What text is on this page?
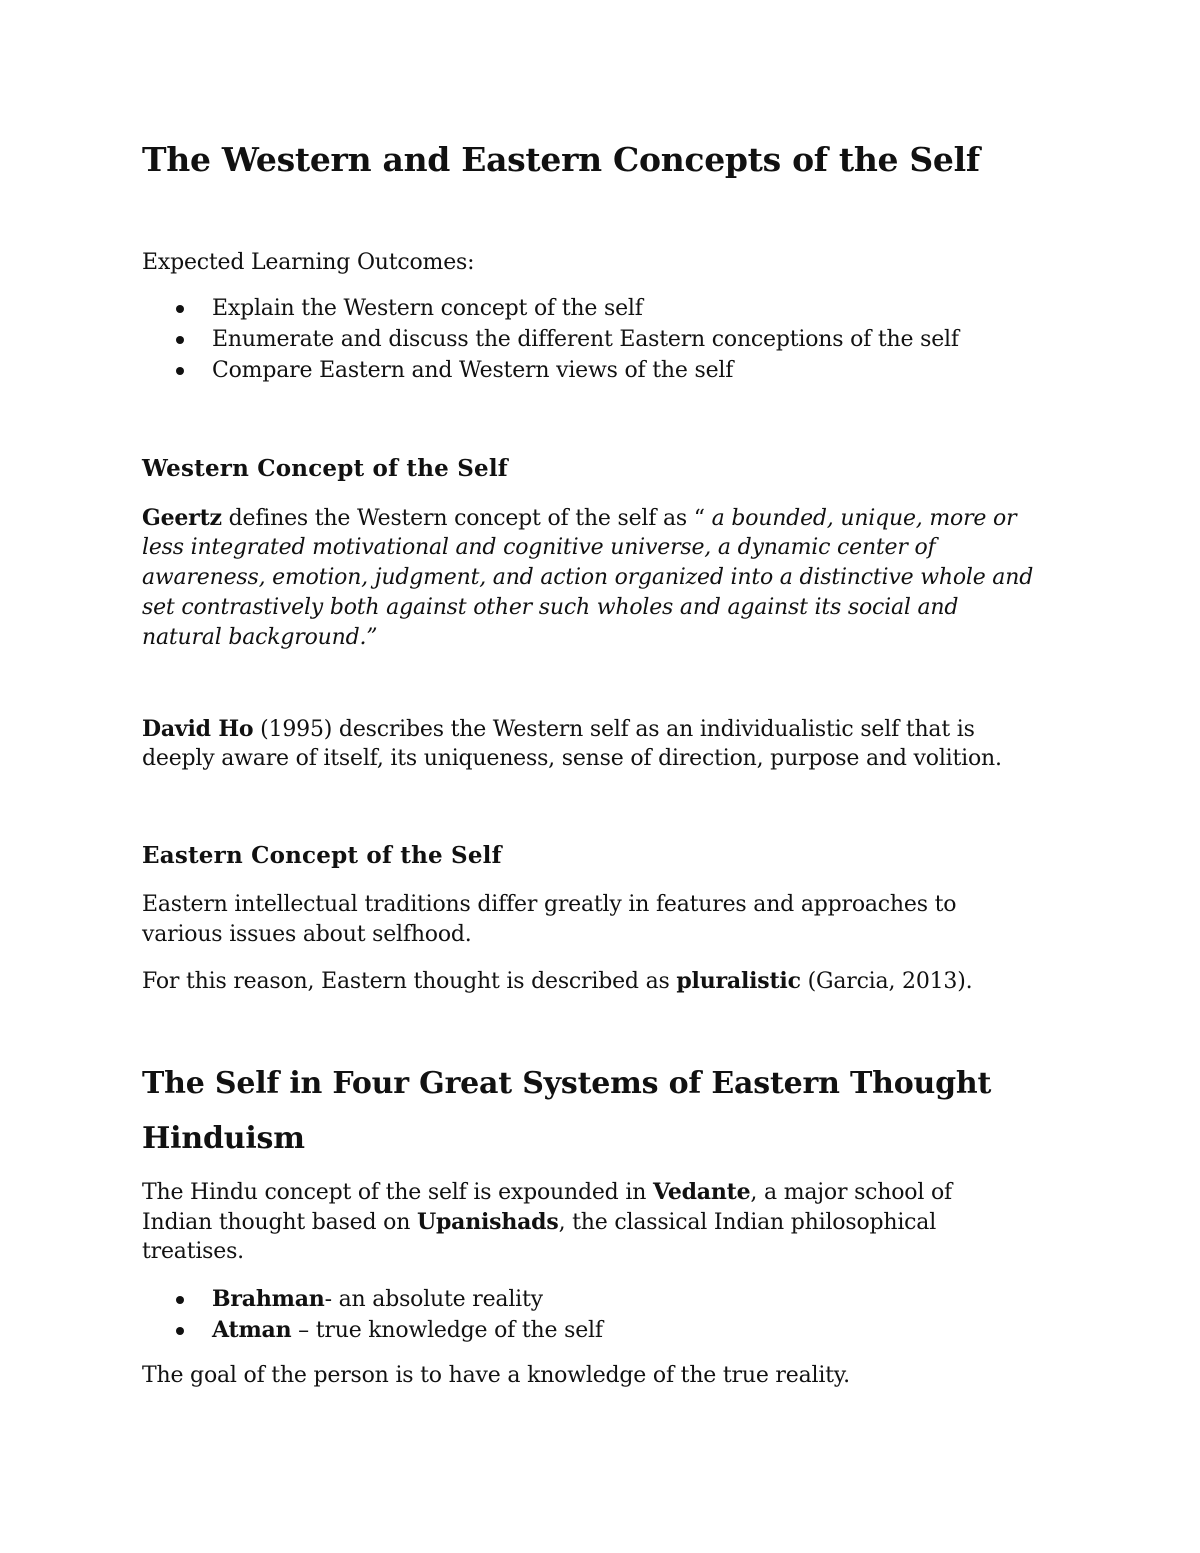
The Western and Eastern Concepts of the Self
Expected Learning Outcomes:
Explain the Western concept of the self
Enumerate and discuss the different Eastern conceptions of the self
Compare Eastern and Western views of the self
Western Concept of the Self
Geertz defines the Western concept of the self as “ a bounded, unique, more or
less integrated motivational and cognitive universe, a dynamic center of
awareness, emotion, judgment, and action organized into a distinctive whole and
set contrastively both against other such wholes and against its social and
natural background.”
David Ho (1995) describes the Western self as an individualistic self that is
deeply aware of itself, its uniqueness, sense of direction, purpose and volition.
Eastern Concept of the Self
Eastern intellectual traditions differ greatly in features and approaches to
various issues about selfhood.
For this reason, Eastern thought is described as pluralistic (Garcia, 2013).
The Self in Four Great Systems of Eastern Thought
Hinduism
The Hindu concept of the self is expounded in Vedante, a major school of
Indian thought based on Upanishads, the classical Indian philosophical
treatises.
Brahman- an absolute reality
Atman – true knowledge of the self
The goal of the person is to have a knowledge of the true reality.
